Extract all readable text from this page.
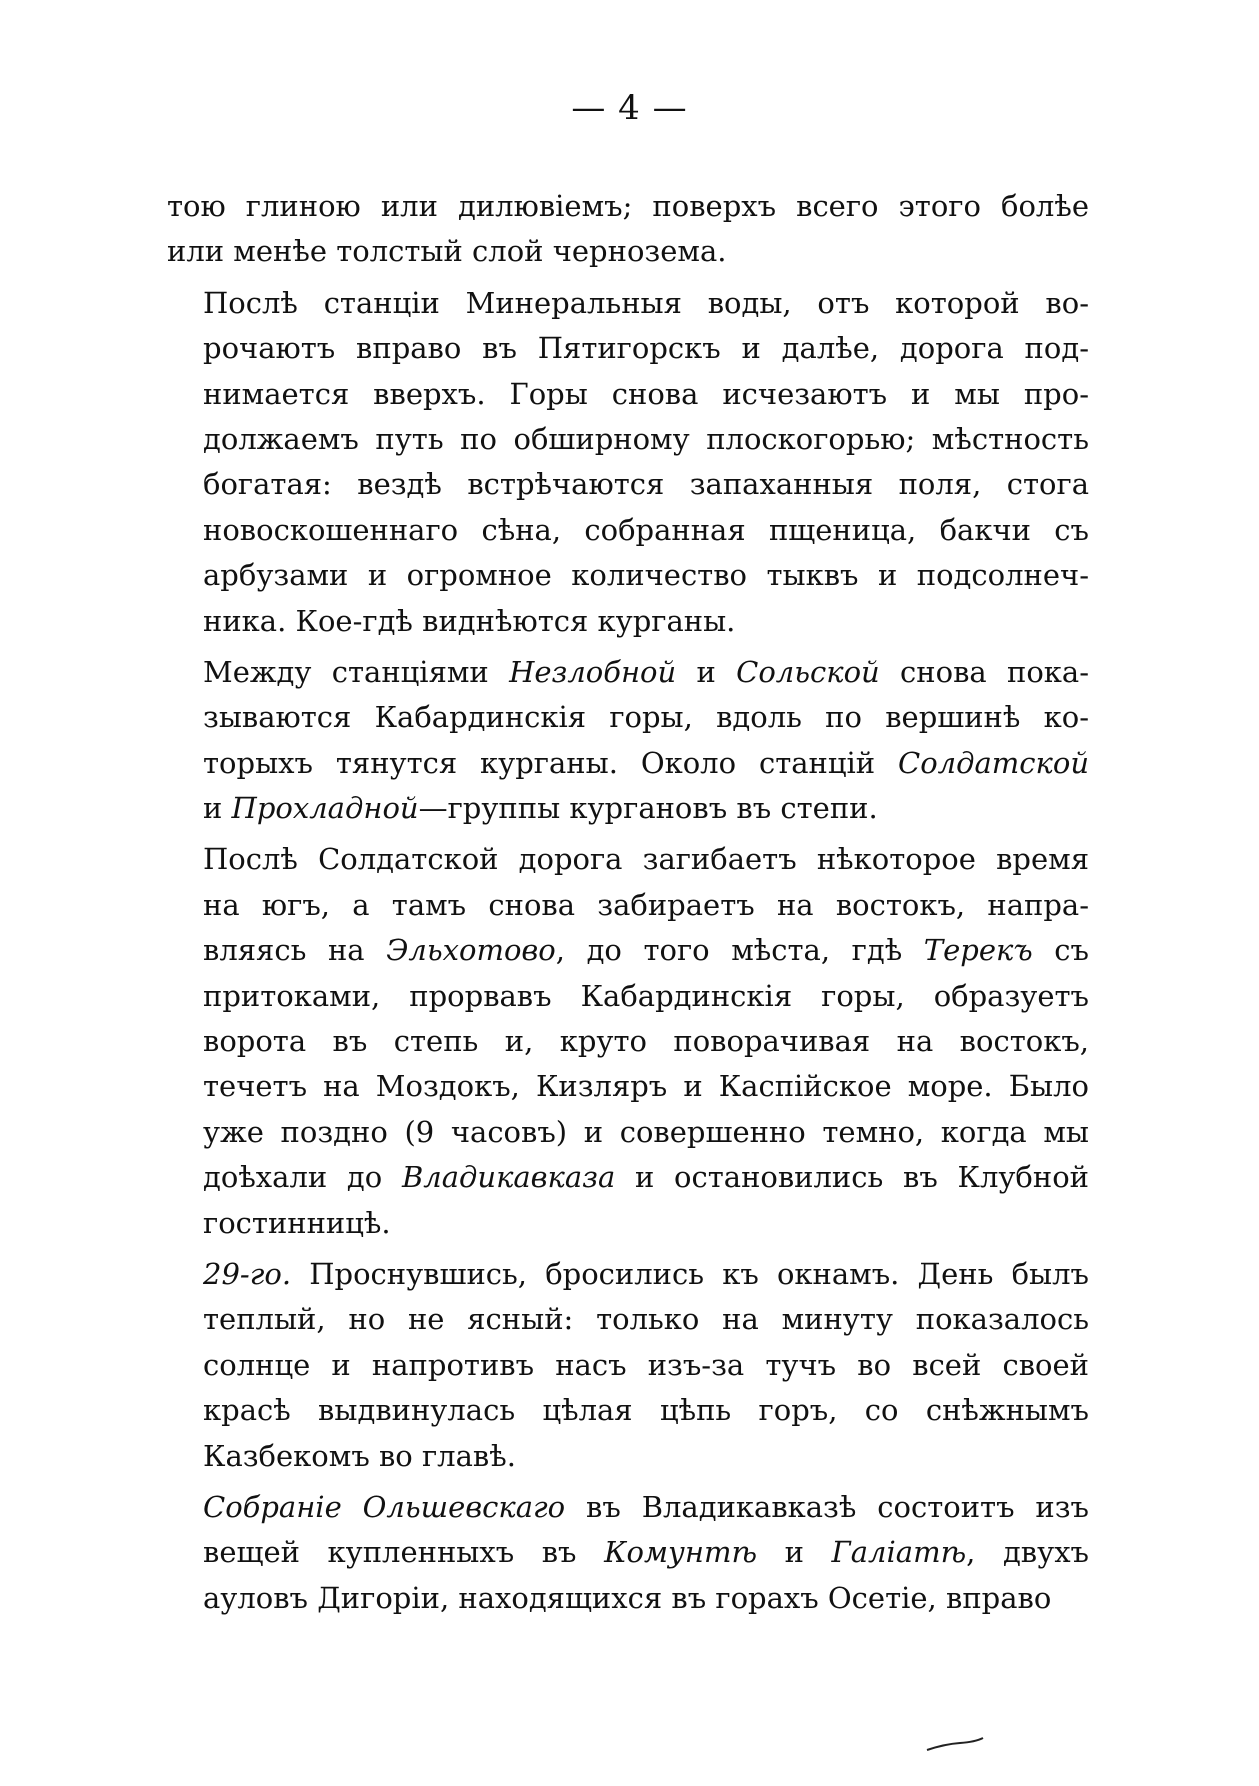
— 4 —
тою глиною или дилювіемъ; поверхъ всего этого болѣе
или менѣе толстый слой чернозема.
Послѣ станціи Минеральныя воды, отъ которой во-
рочаютъ вправо въ Пятигорскъ и далѣе, дорога под-
нимается вверхъ. Горы снова исчезаютъ и мы про-
должаемъ путь по обширному плоскогорью; мѣстность
богатая: вездѣ встрѣчаются запаханныя поля, стога
новоскошеннаго сѣна, собранная пщеница, бакчи съ
арбузами и огромное количество тыквъ и подсолнеч-
ника. Кое-гдѣ виднѣются курганы.
Между станціями Незлобной и Сольской снова пока-
зываются Кабардинскія горы, вдоль по вершинѣ ко-
торыхъ тянутся курганы. Около станцій Солдатской
и Прохладной—группы кургановъ въ степи.
Послѣ Солдатской дорога загибаетъ нѣкоторое время
на югъ, а тамъ снова забираетъ на востокъ, напра-
вляясь на Эльхотово, до того мѣста, гдѣ Терекъ съ
притоками, прорвавъ Кабардинскія горы, образуетъ
ворота въ степь и, круто поворачивая на востокъ,
течетъ на Моздокъ, Кизляръ и Каспійское море. Было
уже поздно (9 часовъ) и совершенно темно, когда мы
доѣхали до Владикавказа и остановились въ Клубной
гостинницѣ.
29-го. Проснувшись, бросились къ окнамъ. День былъ
теплый, но не ясный: только на минуту показалось
солнце и напротивъ насъ изъ-за тучъ во всей своей
красѣ выдвинулась цѣлая цѣпь горъ, со снѣжнымъ
Казбекомъ во главѣ.
Собраніе Ольшевскаго въ Владикавказѣ состоитъ изъ
вещей купленныхъ въ Комунтѣ и Галіатѣ, двухъ
ауловъ Дигоріи, находящихся въ горахъ Осетіе, вправо
